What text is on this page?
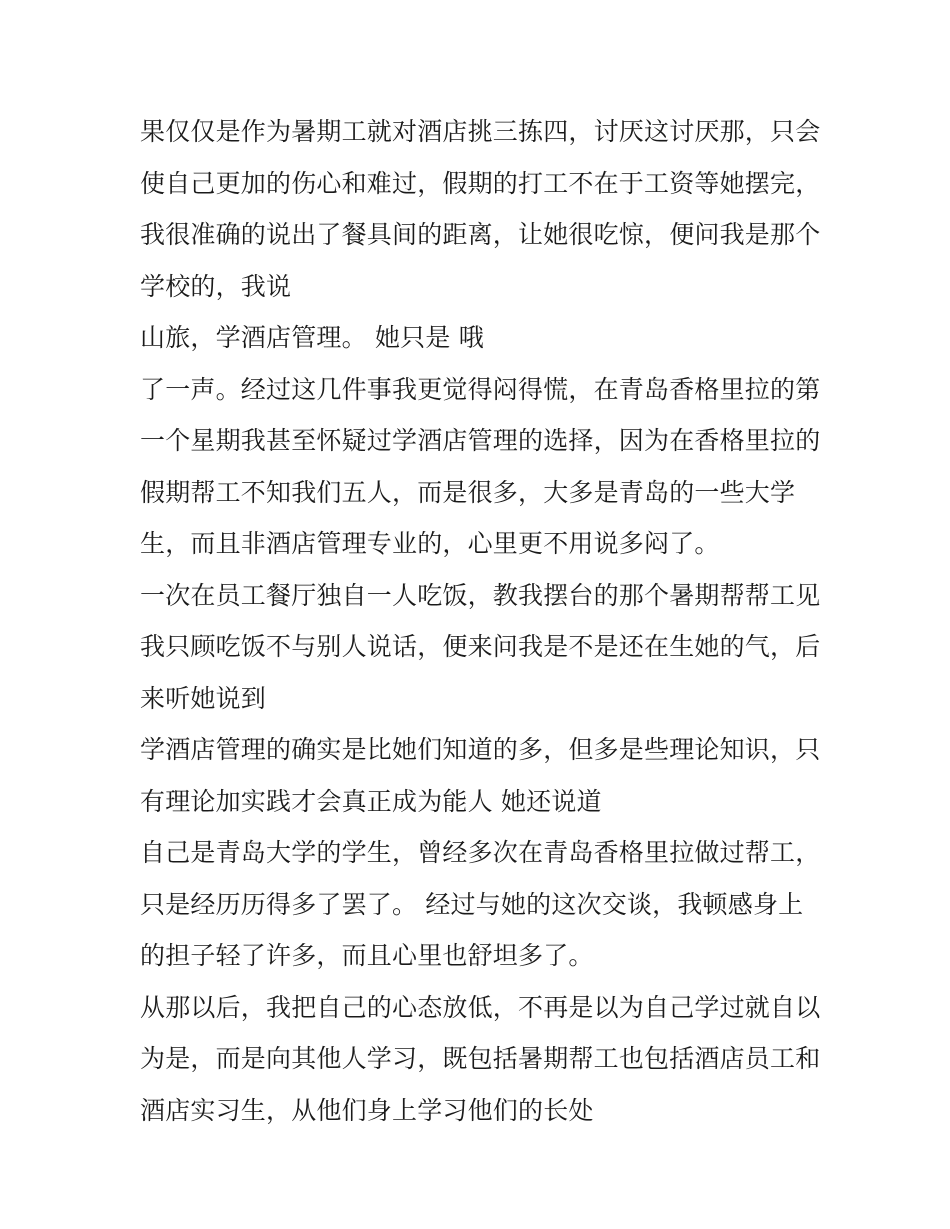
果仅仅是作为暑期工就对酒店挑三拣四，讨厌这讨厌那，只会
使自己更加的伤心和难过，假期的打工不在于工资等她摆完，
我很准确的说出了餐具间的距离，让她很吃惊，便问我是那个
学校的，我说
山旅，学酒店管理。 她只是 哦
了一声。经过这几件事我更觉得闷得慌，在青岛香格里拉的第
一个星期我甚至怀疑过学酒店管理的选择，因为在香格里拉的
假期帮工不知我们五人，而是很多，大多是青岛的一些大学
生，而且非酒店管理专业的，心里更不用说多闷了。
一次在员工餐厅独自一人吃饭，教我摆台的那个暑期帮帮工见
我只顾吃饭不与别人说话，便来问我是不是还在生她的气，后
来听她说到
学酒店管理的确实是比她们知道的多，但多是些理论知识，只
有理论加实践才会真正成为能人 她还说道
自己是青岛大学的学生，曾经多次在青岛香格里拉做过帮工，
只是经历历得多了罢了。 经过与她的这次交谈，我顿感身上
的担子轻了许多，而且心里也舒坦多了。
从那以后，我把自己的心态放低，不再是以为自己学过就自以
为是，而是向其他人学习，既包括暑期帮工也包括酒店员工和
酒店实习生，从他们身上学习他们的长处
